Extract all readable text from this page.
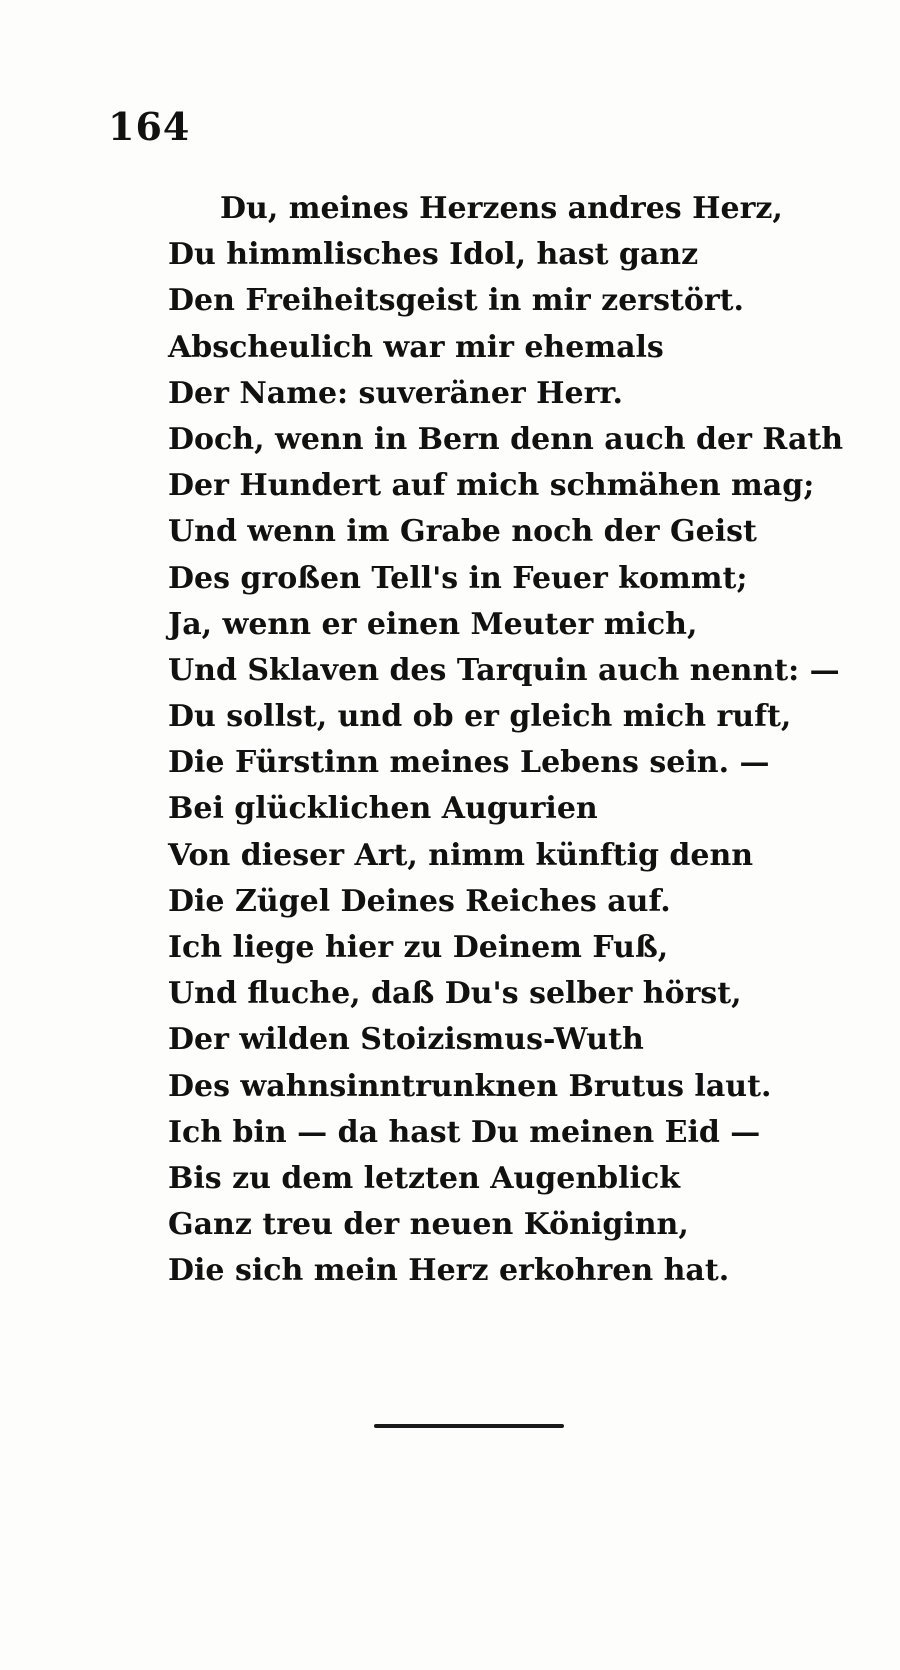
164
Du, meines Herzens andres Herz,
Du himmlisches Idol, hast ganz
Den Freiheitsgeist in mir zerstört.
Abscheulich war mir ehemals
Der Name: suveräner Herr.
Doch, wenn in Bern denn auch der Rath
Der Hundert auf mich schmähen mag;
Und wenn im Grabe noch der Geist
Des großen Tell's in Feuer kommt;
Ja, wenn er einen Meuter mich,
Und Sklaven des Tarquin auch nennt: —
Du sollst, und ob er gleich mich ruft,
Die Fürstinn meines Lebens sein. —
Bei glücklichen Augurien
Von dieser Art, nimm künftig denn
Die Zügel Deines Reiches auf.
Ich liege hier zu Deinem Fuß,
Und fluche, daß Du's selber hörst,
Der wilden Stoizismus-Wuth
Des wahnsinntrunknen Brutus laut.
Ich bin — da hast Du meinen Eid —
Bis zu dem letzten Augenblick
Ganz treu der neuen Königinn,
Die sich mein Herz erkohren hat.
